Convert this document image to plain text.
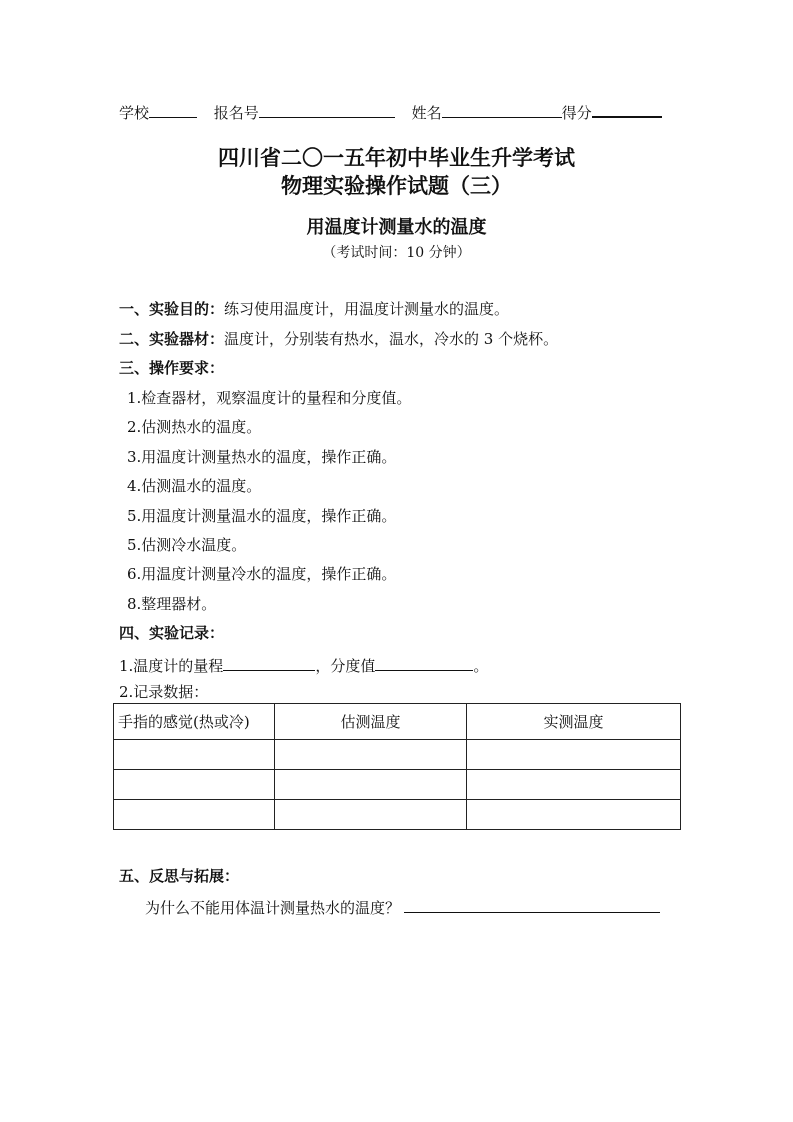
学校	报名号	姓名	得分
四川省二〇一五年初中毕业生升学考试
物理实验操作试题（三）
用温度计测量水的温度
（考试时间：10 分钟）
一、实验目的：练习使用温度计，用温度计测量水的温度。
二、实验器材：温度计，分别装有热水，温水，冷水的 3 个烧杯。
三、操作要求：
1.检查器材，观察温度计的量程和分度值。
2.估测热水的温度。
3.用温度计测量热水的温度，操作正确。
4.估测温水的温度。
5.用温度计测量温水的温度，操作正确。
5.估测冷水温度。
6.用温度计测量冷水的温度，操作正确。
8.整理器材。
四、实验记录：
1.温度计的量程	，分度值	。
2.记录数据：
手指的感觉(热或冷)	估测温度	实测温度

五、反思与拓展：
为什么不能用体温计测量热水的温度？
